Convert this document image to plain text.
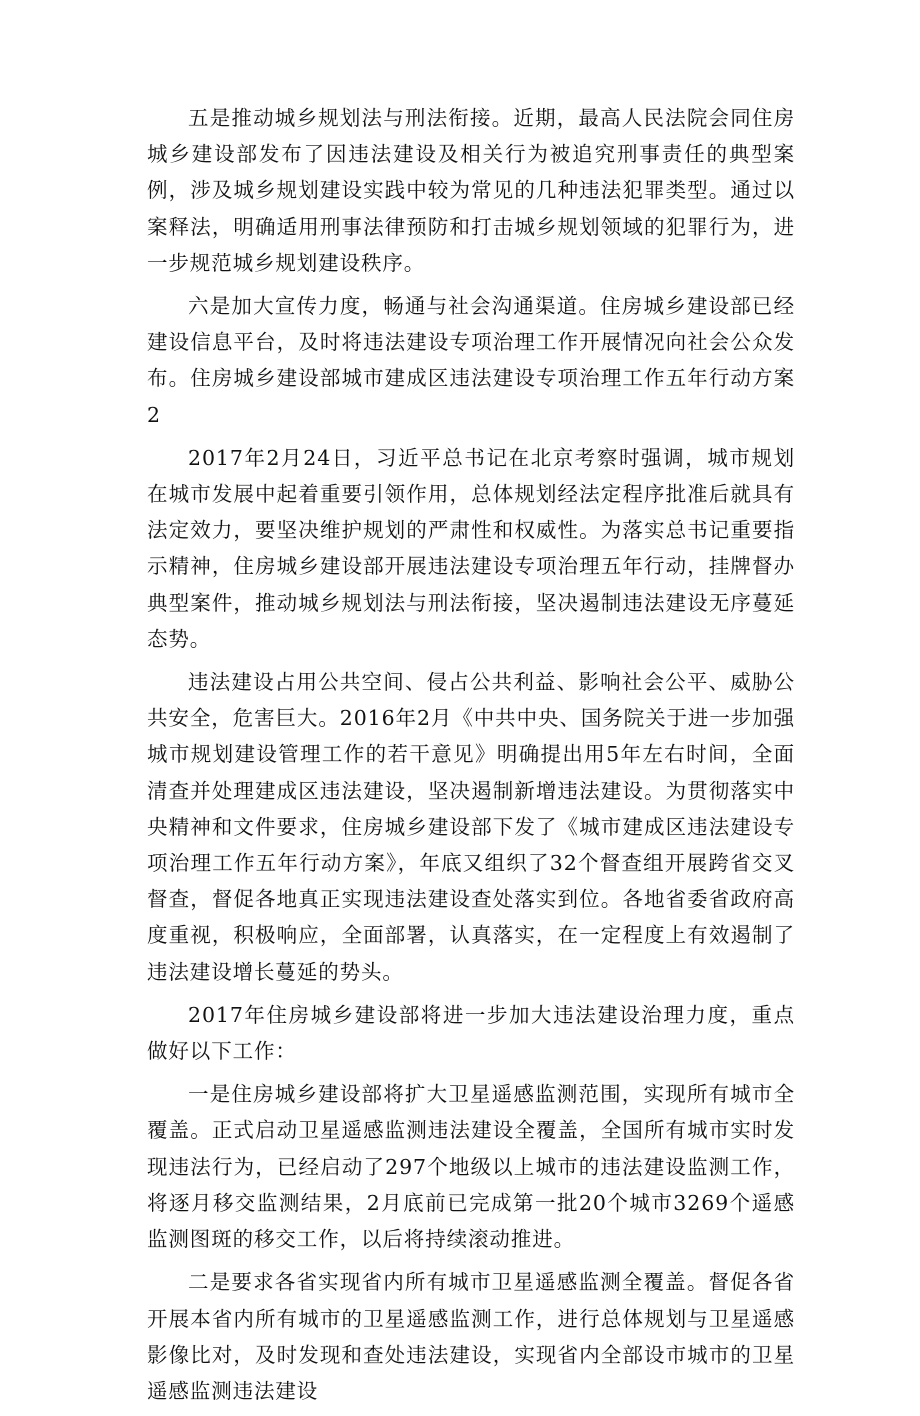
五是推动城乡规划法与刑法衔接。近期，最高人民法院会同住房城乡建设部发布了因违法建设及相关行为被追究刑事责任的典型案例，涉及城乡规划建设实践中较为常见的几种违法犯罪类型。通过以案释法，明确适用刑事法律预防和打击城乡规划领域的犯罪行为，进一步规范城乡规划建设秩序。

六是加大宣传力度，畅通与社会沟通渠道。住房城乡建设部已经建设信息平台，及时将违法建设专项治理工作开展情况向社会公众发布。住房城乡建设部城市建成区违法建设专项治理工作五年行动方案2

2017年2月24日，习近平总书记在北京考察时强调，城市规划在城市发展中起着重要引领作用，总体规划经法定程序批准后就具有法定效力，要坚决维护规划的严肃性和权威性。为落实总书记重要指示精神，住房城乡建设部开展违法建设专项治理五年行动，挂牌督办典型案件，推动城乡规划法与刑法衔接，坚决遏制违法建设无序蔓延态势。

违法建设占用公共空间、侵占公共利益、影响社会公平、威胁公共安全，危害巨大。2016年2月《中共中央、国务院关于进一步加强城市规划建设管理工作的若干意见》明确提出用5年左右时间，全面清查并处理建成区违法建设，坚决遏制新增违法建设。为贯彻落实中央精神和文件要求，住房城乡建设部下发了《城市建成区违法建设专项治理工作五年行动方案》，年底又组织了32个督查组开展跨省交叉督查，督促各地真正实现违法建设查处落实到位。各地省委省政府高度重视，积极响应，全面部署，认真落实，在一定程度上有效遏制了违法建设增长蔓延的势头。

2017年住房城乡建设部将进一步加大违法建设治理力度，重点做好以下工作：

一是住房城乡建设部将扩大卫星遥感监测范围，实现所有城市全覆盖。正式启动卫星遥感监测违法建设全覆盖，全国所有城市实时发现违法行为，已经启动了297个地级以上城市的违法建设监测工作，将逐月移交监测结果，2月底前已完成第一批20个城市3269个遥感监测图斑的移交工作，以后将持续滚动推进。

二是要求各省实现省内所有城市卫星遥感监测全覆盖。督促各省开展本省内所有城市的卫星遥感监测工作，进行总体规划与卫星遥感影像比对，及时发现和查处违法建设，实现省内全部设市城市的卫星遥感监测违法建设
